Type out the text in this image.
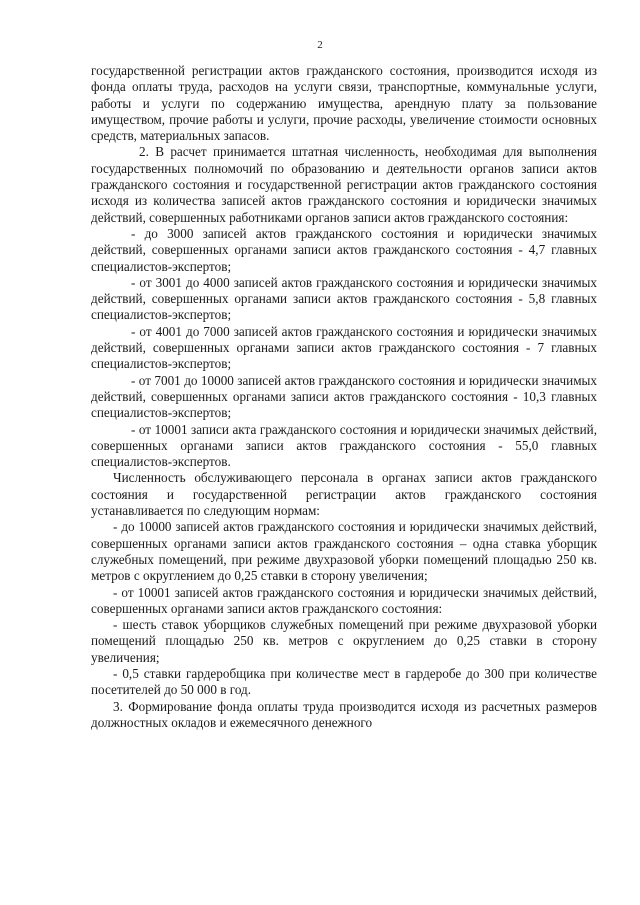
2

государственной регистрации актов гражданского состояния, производится исходя из фонда оплаты труда, расходов на услуги связи, транспортные, коммунальные услуги, работы и услуги по содержанию имущества, арендную плату за пользование имуществом, прочие работы и услуги, прочие расходы, увеличение стоимости основных средств, материальных запасов.

2. В расчет принимается штатная численность, необходимая для выполнения государственных полномочий по образованию и деятельности органов записи актов гражданского состояния и государственной регистрации актов гражданского состояния исходя из количества записей актов гражданского состояния и юридически значимых действий, совершенных работниками органов записи актов гражданского состояния:

- до 3000 записей актов гражданского состояния и юридически значимых действий, совершенных органами записи актов гражданского состояния - 4,7 главных специалистов-экспертов;

- от 3001 до 4000 записей актов гражданского состояния и юридически значимых действий, совершенных органами записи актов гражданского состояния - 5,8 главных специалистов-экспертов;

- от 4001 до 7000 записей актов гражданского состояния и юридически значимых действий, совершенных органами записи актов гражданского состояния - 7 главных специалистов-экспертов;

- от 7001 до 10000 записей актов гражданского состояния и юридически значимых действий, совершенных органами записи актов гражданского состояния - 10,3 главных специалистов-экспертов;

- от 10001 записи акта гражданского состояния и юридически значимых действий, совершенных органами записи актов гражданского состояния - 55,0 главных специалистов-экспертов.

Численность обслуживающего персонала в органах записи актов гражданского состояния и государственной регистрации актов гражданского состояния устанавливается по следующим нормам:

- до 10000 записей актов гражданского состояния и юридически значимых действий, совершенных органами записи актов гражданского состояния – одна ставка уборщик служебных помещений, при режиме двухразовой уборки помещений площадью 250 кв. метров с округлением до 0,25 ставки в сторону увеличения;

- от 10001 записей актов гражданского состояния и юридически значимых действий, совершенных органами записи актов гражданского состояния:

- шесть ставок уборщиков служебных помещений при режиме двухразовой уборки помещений площадью 250 кв. метров с округлением до 0,25 ставки в сторону увеличения;

- 0,5 ставки гардеробщика при количестве мест в гардеробе до 300 при количестве посетителей до 50 000 в год.

3. Формирование фонда оплаты труда производится исходя из расчетных размеров должностных окладов и ежемесячного денежного
